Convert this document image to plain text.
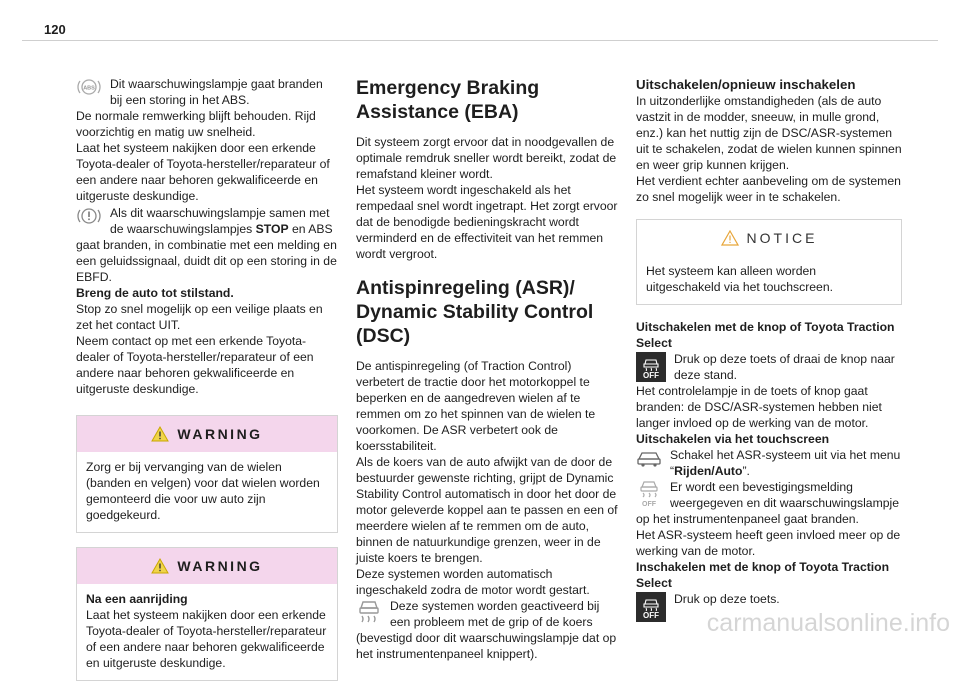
120
ABS Dit waarschuwingslampje gaat branden bij een storing in het ABS.

De normale remwerking blijft behouden. Rijd voorzichtig en matig uw snelheid.

Laat het systeem nakijken door een erkende Toyota-dealer of Toyota-hersteller/reparateur of een andere naar behoren gekwalificeerde en uitgeruste deskundige.

Als dit waarschuwingslampje samen met de waarschuwingslampjes STOP en ABS gaat branden, in combinatie met een melding en een geluidssignaal, duidt dit op een storing in de EBFD.

Breng de auto tot stilstand.

Stop zo snel mogelijk op een veilige plaats en zet het contact UIT.

Neem contact op met een erkende Toyota-dealer of Toyota-hersteller/reparateur of een andere naar behoren gekwalificeerde en uitgeruste deskundige.

WARNING
Zorg er bij vervanging van de wielen (banden en velgen) voor dat wielen worden gemonteerd die voor uw auto zijn goedgekeurd.
WARNING

Na een aanrijding

Laat het systeem nakijken door een erkende Toyota-dealer of Toyota-hersteller/reparateur of een andere naar behoren gekwalificeerde en uitgeruste deskundige.

Emergency Braking Assistance (EBA)

Dit systeem zorgt ervoor dat in noodgevallen de optimale remdruk sneller wordt bereikt, zodat de remafstand kleiner wordt.

Het systeem wordt ingeschakeld als het rempedaal snel wordt ingetrapt. Het zorgt ervoor dat de benodigde bedieningskracht wordt verminderd en de effectiviteit van het remmen wordt vergroot.

Antispinregeling (ASR)/ Dynamic Stability Control (DSC)

De antispinregeling (of Traction Control) verbetert de tractie door het motorkoppel te beperken en de aangedreven wielen af te remmen om zo het spinnen van de wielen te voorkomen. De ASR verbetert ook de koersstabiliteit.

Als de koers van de auto afwijkt van de door de bestuurder gewenste richting, grijpt de Dynamic Stability Control automatisch in door het door de motor geleverde koppel aan te passen en een of meerdere wielen af te remmen om de auto, binnen de natuurkundige grenzen, weer in de juiste koers te brengen.

Deze systemen worden automatisch ingeschakeld zodra de motor wordt gestart.

Deze systemen worden geactiveerd bij een probleem met de grip of de koers (bevestigd door dit waarschuwingslampje dat op het instrumentenpaneel knippert).

Uitschakelen/opnieuw inschakelen

In uitzonderlijke omstandigheden (als de auto vastzit in de modder, sneeuw, in mulle grond, enz.) kan het nuttig zijn de DSC/ASR-systemen uit te schakelen, zodat de wielen kunnen spinnen en weer grip kunnen krijgen.

Het verdient echter aanbeveling om de systemen zo snel mogelijk weer in te schakelen.

NOTICE
Het systeem kan alleen worden uitgeschakeld via het touchscreen.

Uitschakelen met de knop of Toyota Traction Select

OFF
Druk op deze toets of draai de knop naar deze stand.

Het controlelampje in de toets of knop gaat branden: de DSC/ASR-systemen hebben niet langer invloed op de werking van de motor.

Uitschakelen via het touchscreen

Schakel het ASR-systeem uit via het menu “Rijden/Auto”.
OFF
Er wordt een bevestigingsmelding weergegeven en dit waarschuwingslampje op het instrumentenpaneel gaat branden.

Het ASR-systeem heeft geen invloed meer op de werking van de motor.

Inschakelen met de knop of Toyota Traction Select

OFF
Druk op deze toets.
carmanualsonline.info
